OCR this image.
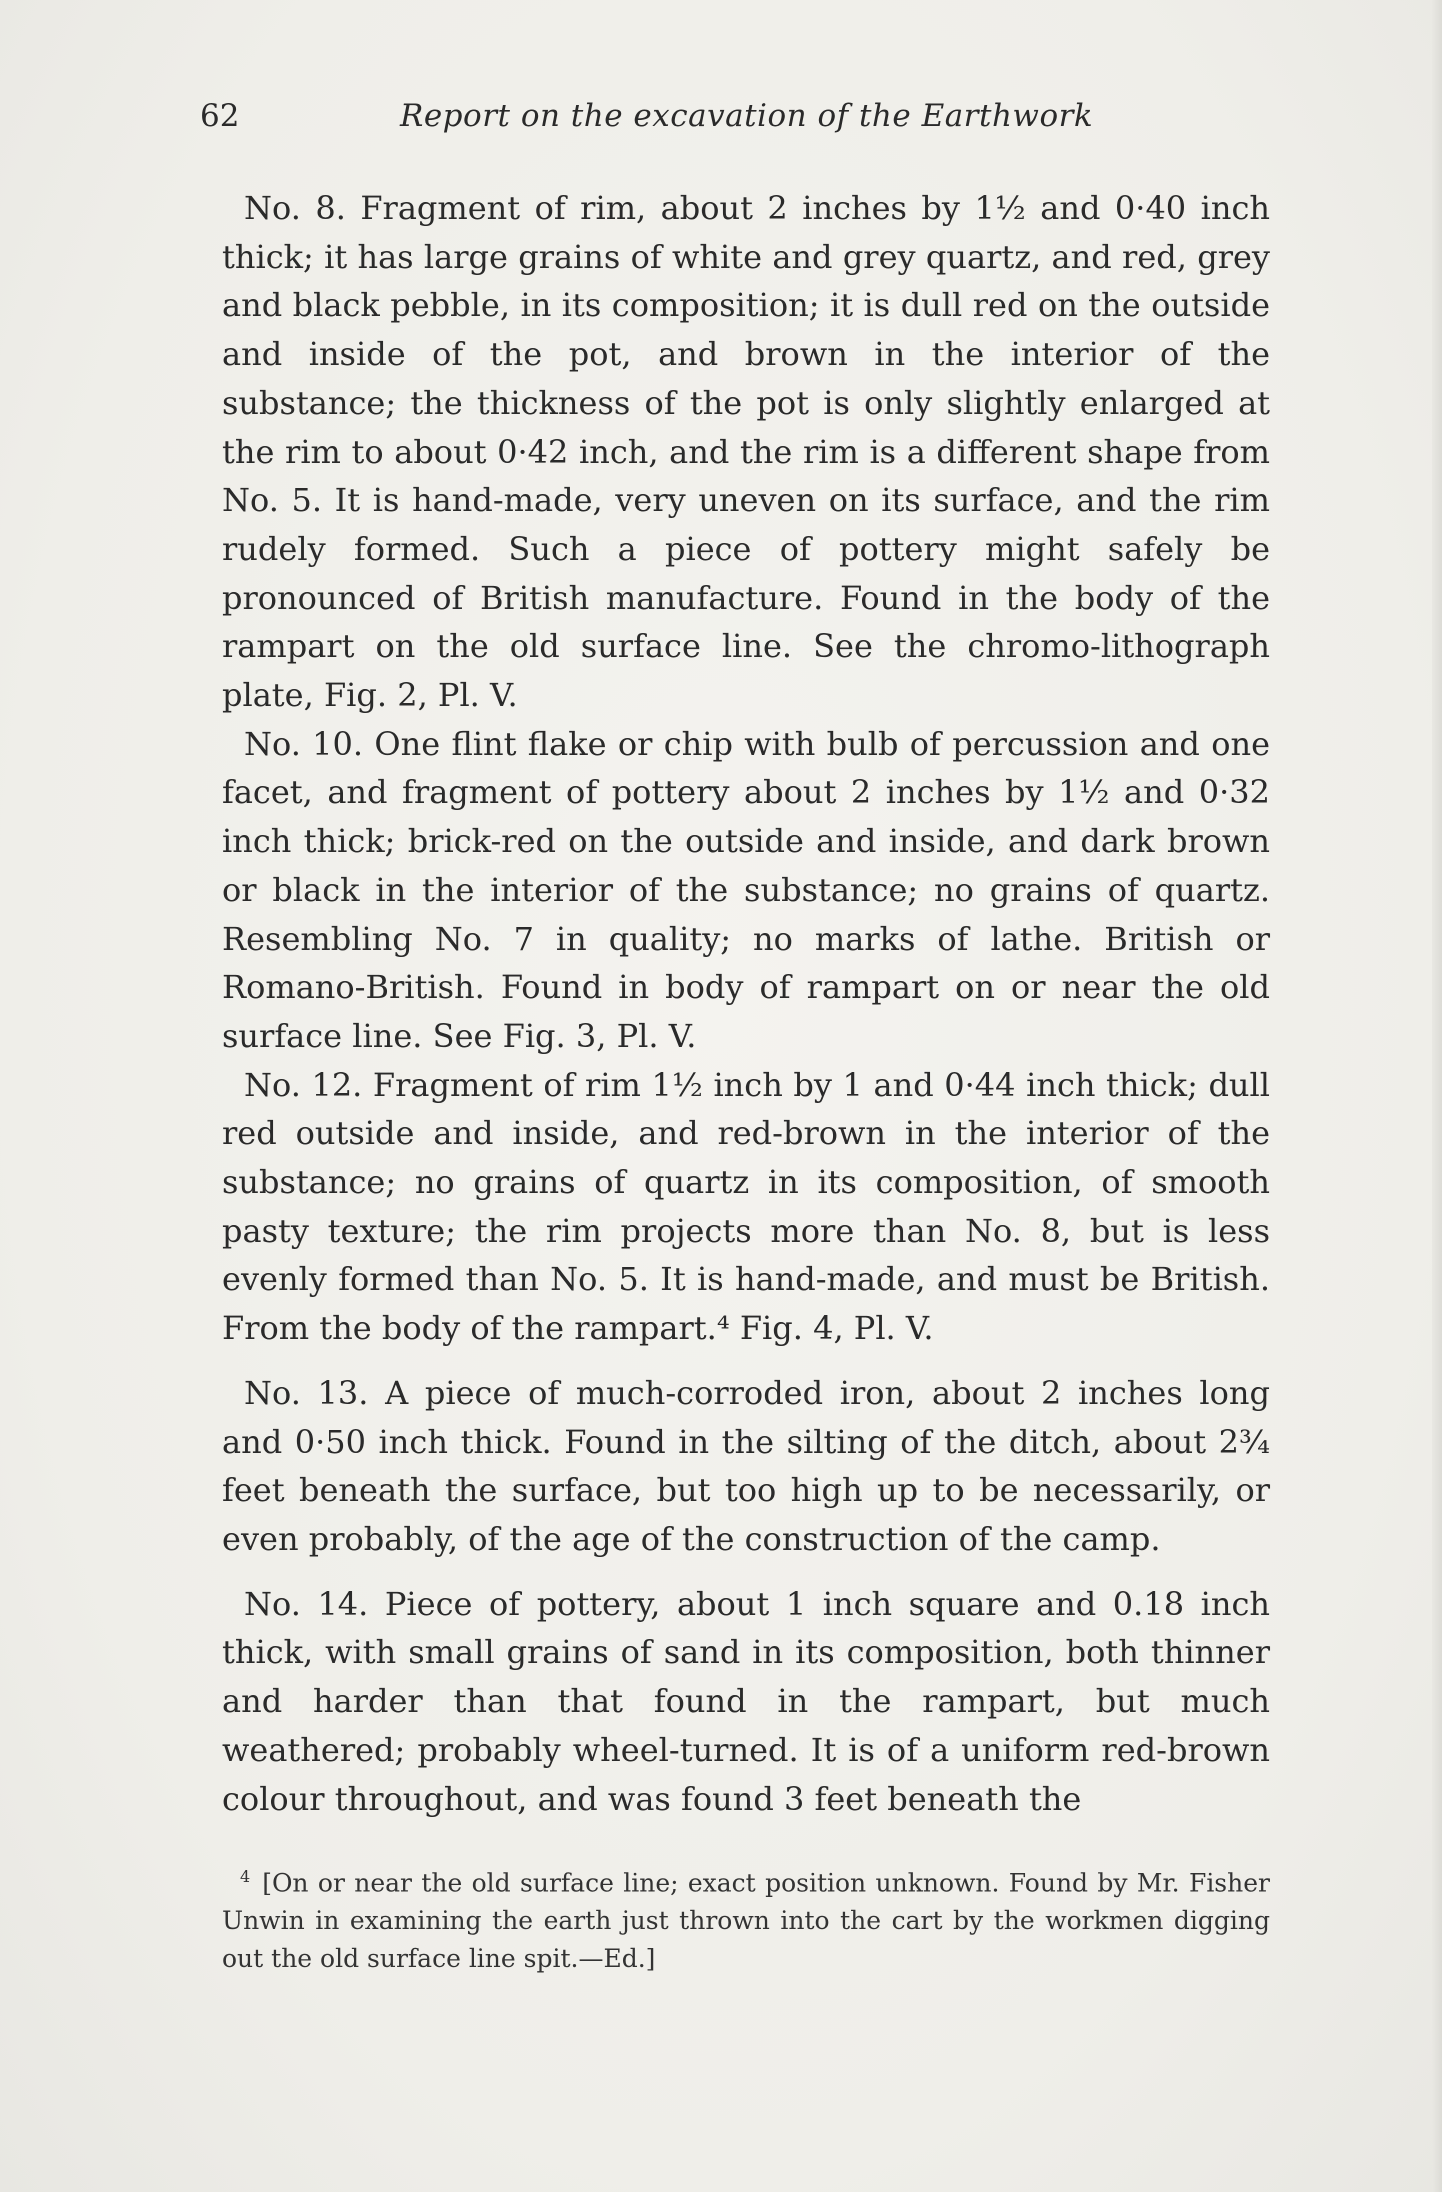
62	Report on the excavation of the Earthwork

No. 8. Fragment of rim, about 2 inches by 1½ and 0·40 inch thick; it has large grains of white and grey quartz, and red, grey and black pebble, in its composition; it is dull red on the outside and inside of the pot, and brown in the interior of the substance; the thickness of the pot is only slightly enlarged at the rim to about 0·42 inch, and the rim is a different shape from No. 5. It is hand-made, very uneven on its surface, and the rim rudely formed. Such a piece of pottery might safely be pronounced of British manufacture. Found in the body of the rampart on the old surface line. See the chromo-lithograph plate, Fig. 2, Pl. V.

No. 10. One flint flake or chip with bulb of percussion and one facet, and fragment of pottery about 2 inches by 1½ and 0·32 inch thick; brick-red on the outside and inside, and dark brown or black in the interior of the substance; no grains of quartz. Resembling No. 7 in quality; no marks of lathe. British or Romano-British. Found in body of rampart on or near the old surface line. See Fig. 3, Pl. V.

No. 12. Fragment of rim 1½ inch by 1 and 0·44 inch thick; dull red outside and inside, and red-brown in the interior of the substance; no grains of quartz in its composition, of smooth pasty texture; the rim projects more than No. 8, but is less evenly formed than No. 5. It is hand-made, and must be British. From the body of the rampart.⁴ Fig. 4, Pl. V.

No. 13. A piece of much-corroded iron, about 2 inches long and 0·50 inch thick. Found in the silting of the ditch, about 2¾ feet beneath the surface, but too high up to be necessarily, or even probably, of the age of the construction of the camp.

No. 14. Piece of pottery, about 1 inch square and 0.18 inch thick, with small grains of sand in its composition, both thinner and harder than that found in the rampart, but much weathered; probably wheel-turned. It is of a uniform red-brown colour throughout, and was found 3 feet beneath the

$^4$ [On or near the old surface line; exact position unknown. Found by Mr. Fisher Unwin in examining the earth just thrown into the cart by the workmen digging out the old surface line spit.—Ed.]
